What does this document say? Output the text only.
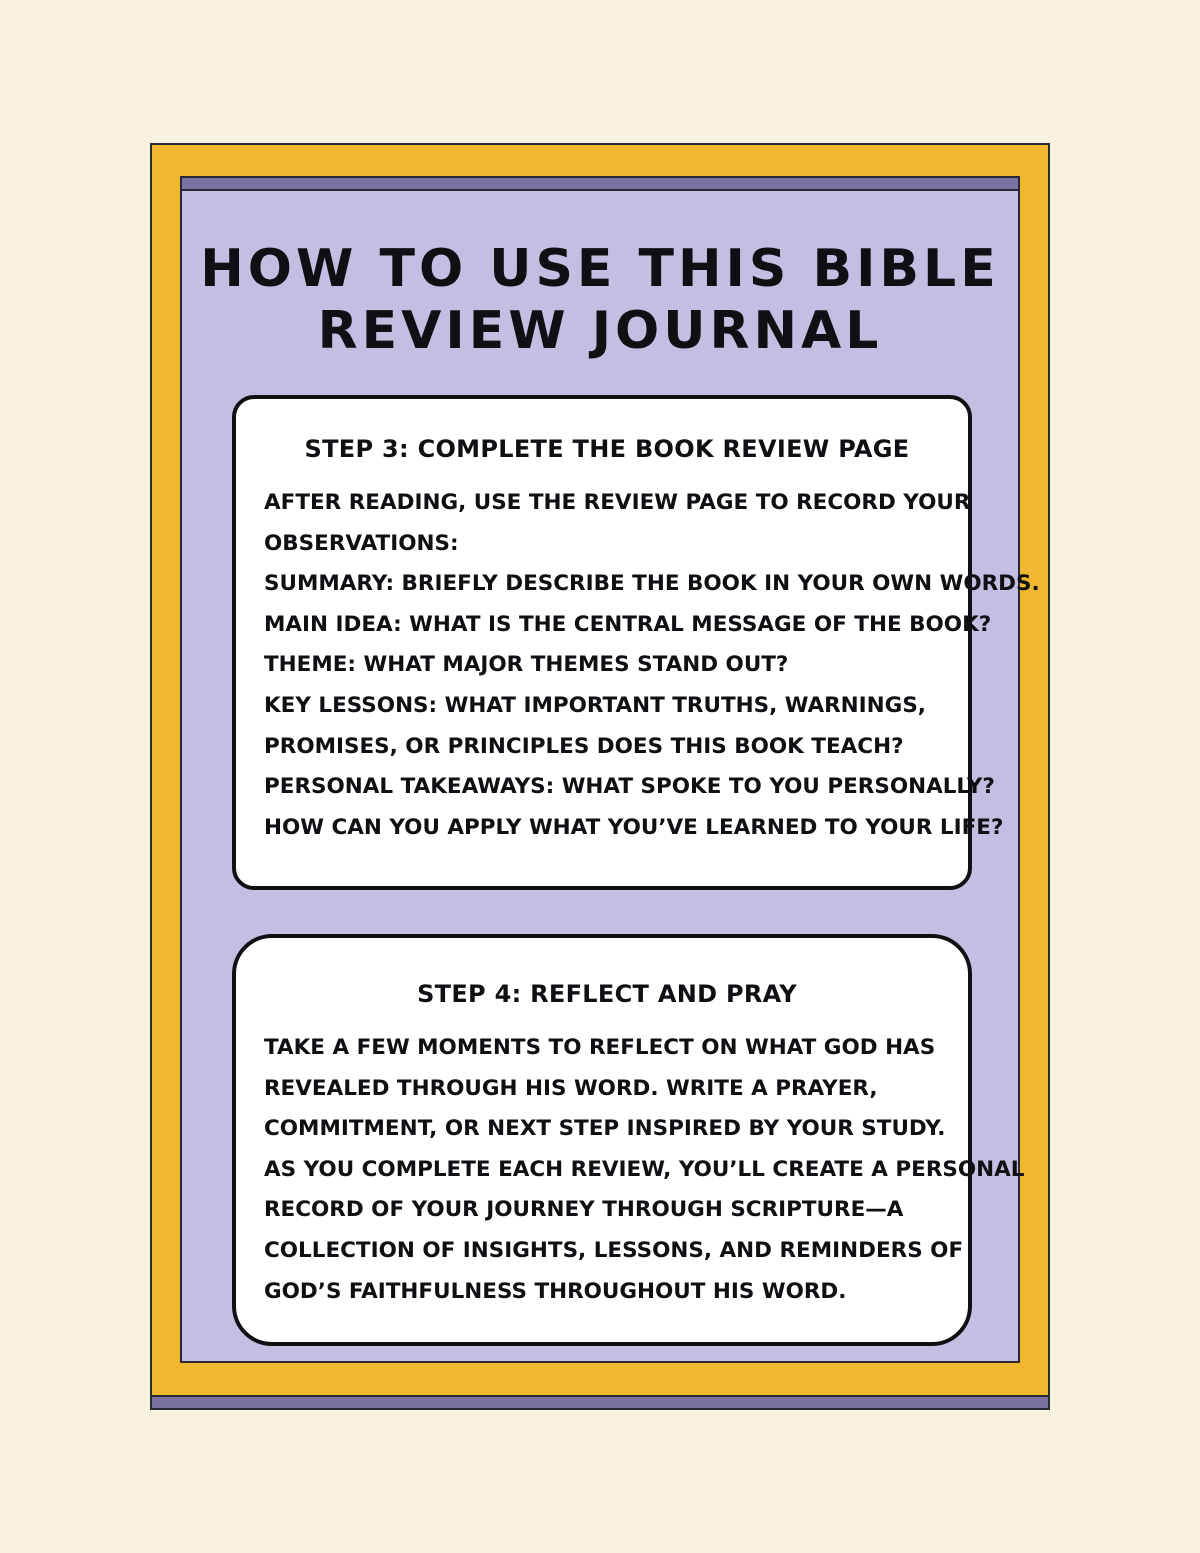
HOW TO USE THIS BIBLE
REVIEW JOURNAL
STEP 3: COMPLETE THE BOOK REVIEW PAGE

AFTER READING, USE THE REVIEW PAGE TO RECORD YOUR
OBSERVATIONS:
SUMMARY: BRIEFLY DESCRIBE THE BOOK IN YOUR OWN WORDS.
MAIN IDEA: WHAT IS THE CENTRAL MESSAGE OF THE BOOK?
THEME: WHAT MAJOR THEMES STAND OUT?
KEY LESSONS: WHAT IMPORTANT TRUTHS, WARNINGS,
PROMISES, OR PRINCIPLES DOES THIS BOOK TEACH?
PERSONAL TAKEAWAYS: WHAT SPOKE TO YOU PERSONALLY?
HOW CAN YOU APPLY WHAT YOU’VE LEARNED TO YOUR LIFE?

STEP 4: REFLECT AND PRAY

TAKE A FEW MOMENTS TO REFLECT ON WHAT GOD HAS
REVEALED THROUGH HIS WORD. WRITE A PRAYER,
COMMITMENT, OR NEXT STEP INSPIRED BY YOUR STUDY.
AS YOU COMPLETE EACH REVIEW, YOU’LL CREATE A PERSONAL
RECORD OF YOUR JOURNEY THROUGH SCRIPTURE—A
COLLECTION OF INSIGHTS, LESSONS, AND REMINDERS OF
GOD’S FAITHFULNESS THROUGHOUT HIS WORD.
